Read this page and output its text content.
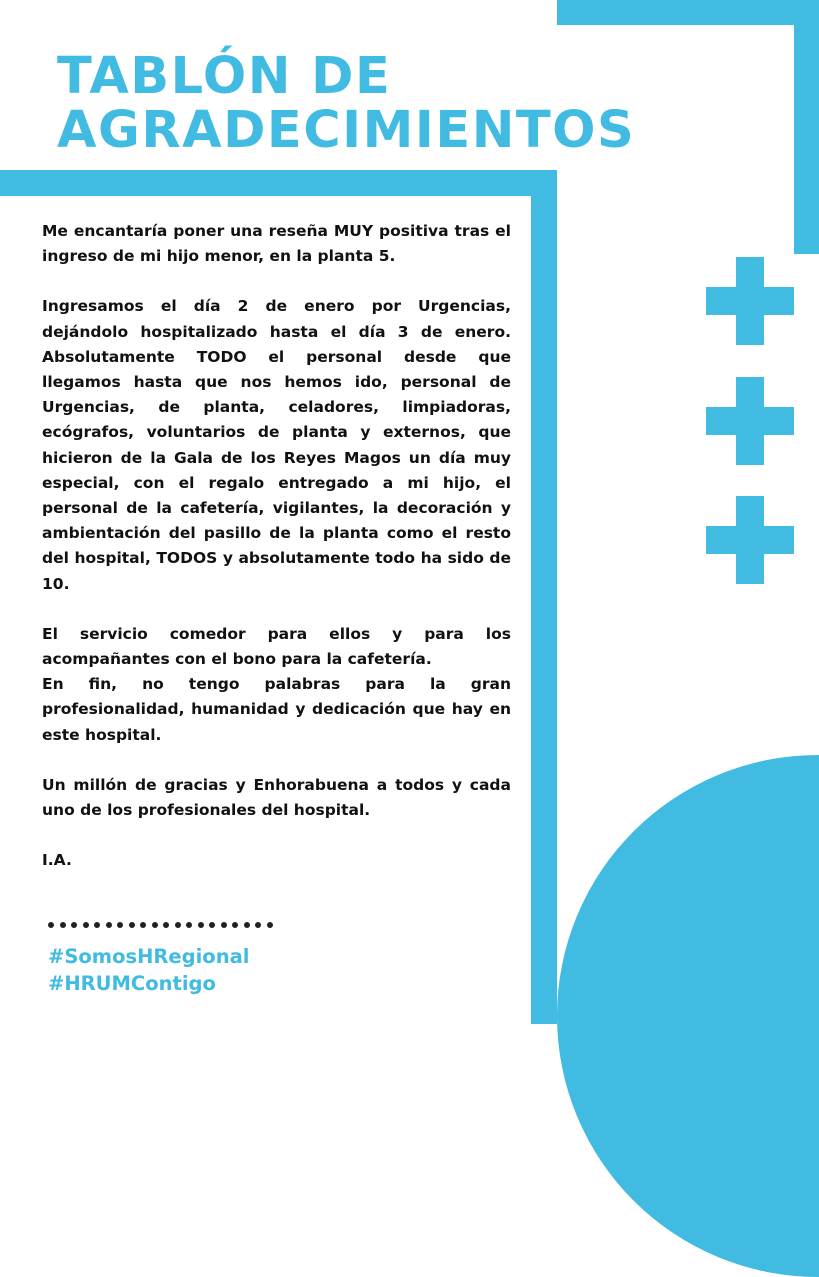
TABLÓN DE
AGRADECIMIENTOS

Me encantaría poner una reseña MUY positiva tras el ingreso de mi hijo menor, en la planta 5.

Ingresamos el día 2 de enero por Urgencias, dejándolo hospitalizado hasta el día 3 de enero. Absolutamente TODO el personal desde que llegamos hasta que nos hemos ido, personal de Urgencias, de planta, celadores, limpiadoras, ecógrafos, voluntarios de planta y externos, que hicieron de la Gala de los Reyes Magos un día muy especial, con el regalo entregado a mi hijo, el personal de la cafetería, vigilantes, la decoración y ambientación del pasillo de la planta como el resto del hospital, TODOS y absolutamente todo ha sido de 10.

El servicio comedor para ellos y para los acompañantes con el bono para la cafetería.

En fin, no tengo palabras para la gran profesionalidad, humanidad y dedicación que hay en este hospital.

Un millón de gracias y Enhorabuena a todos y cada uno de los profesionales del hospital.

I.A.

#SomosHRegional
#HRUMContigo
